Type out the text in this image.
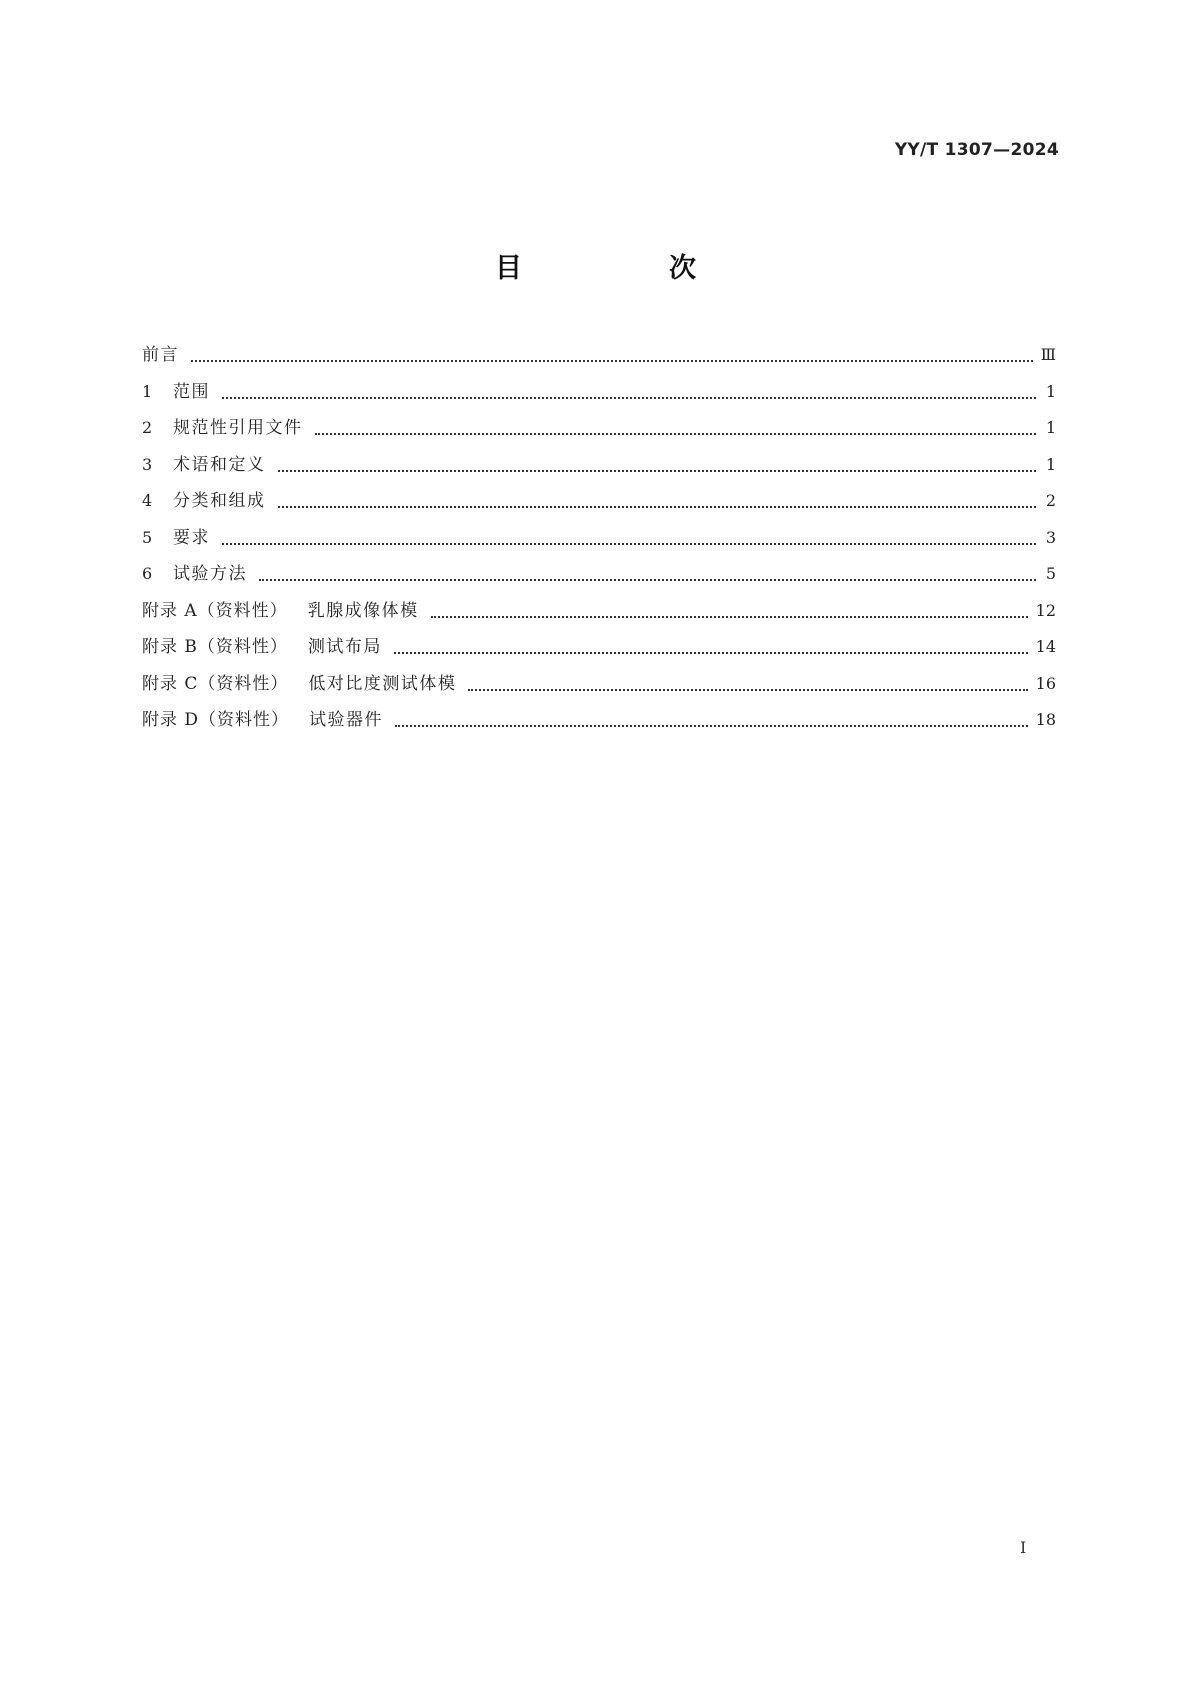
YY/T 1307—2024
目　次
前言	Ⅲ
1	范围	1
2	规范性引用文件	1
3	术语和定义	1
4	分类和组成	2
5	要求	3
6	试验方法	5
附录 A（资料性） 乳腺成像体模	12
附录 B（资料性） 测试布局	14
附录 C（资料性） 低对比度测试体模	16
附录 D（资料性） 试验器件	18
I
